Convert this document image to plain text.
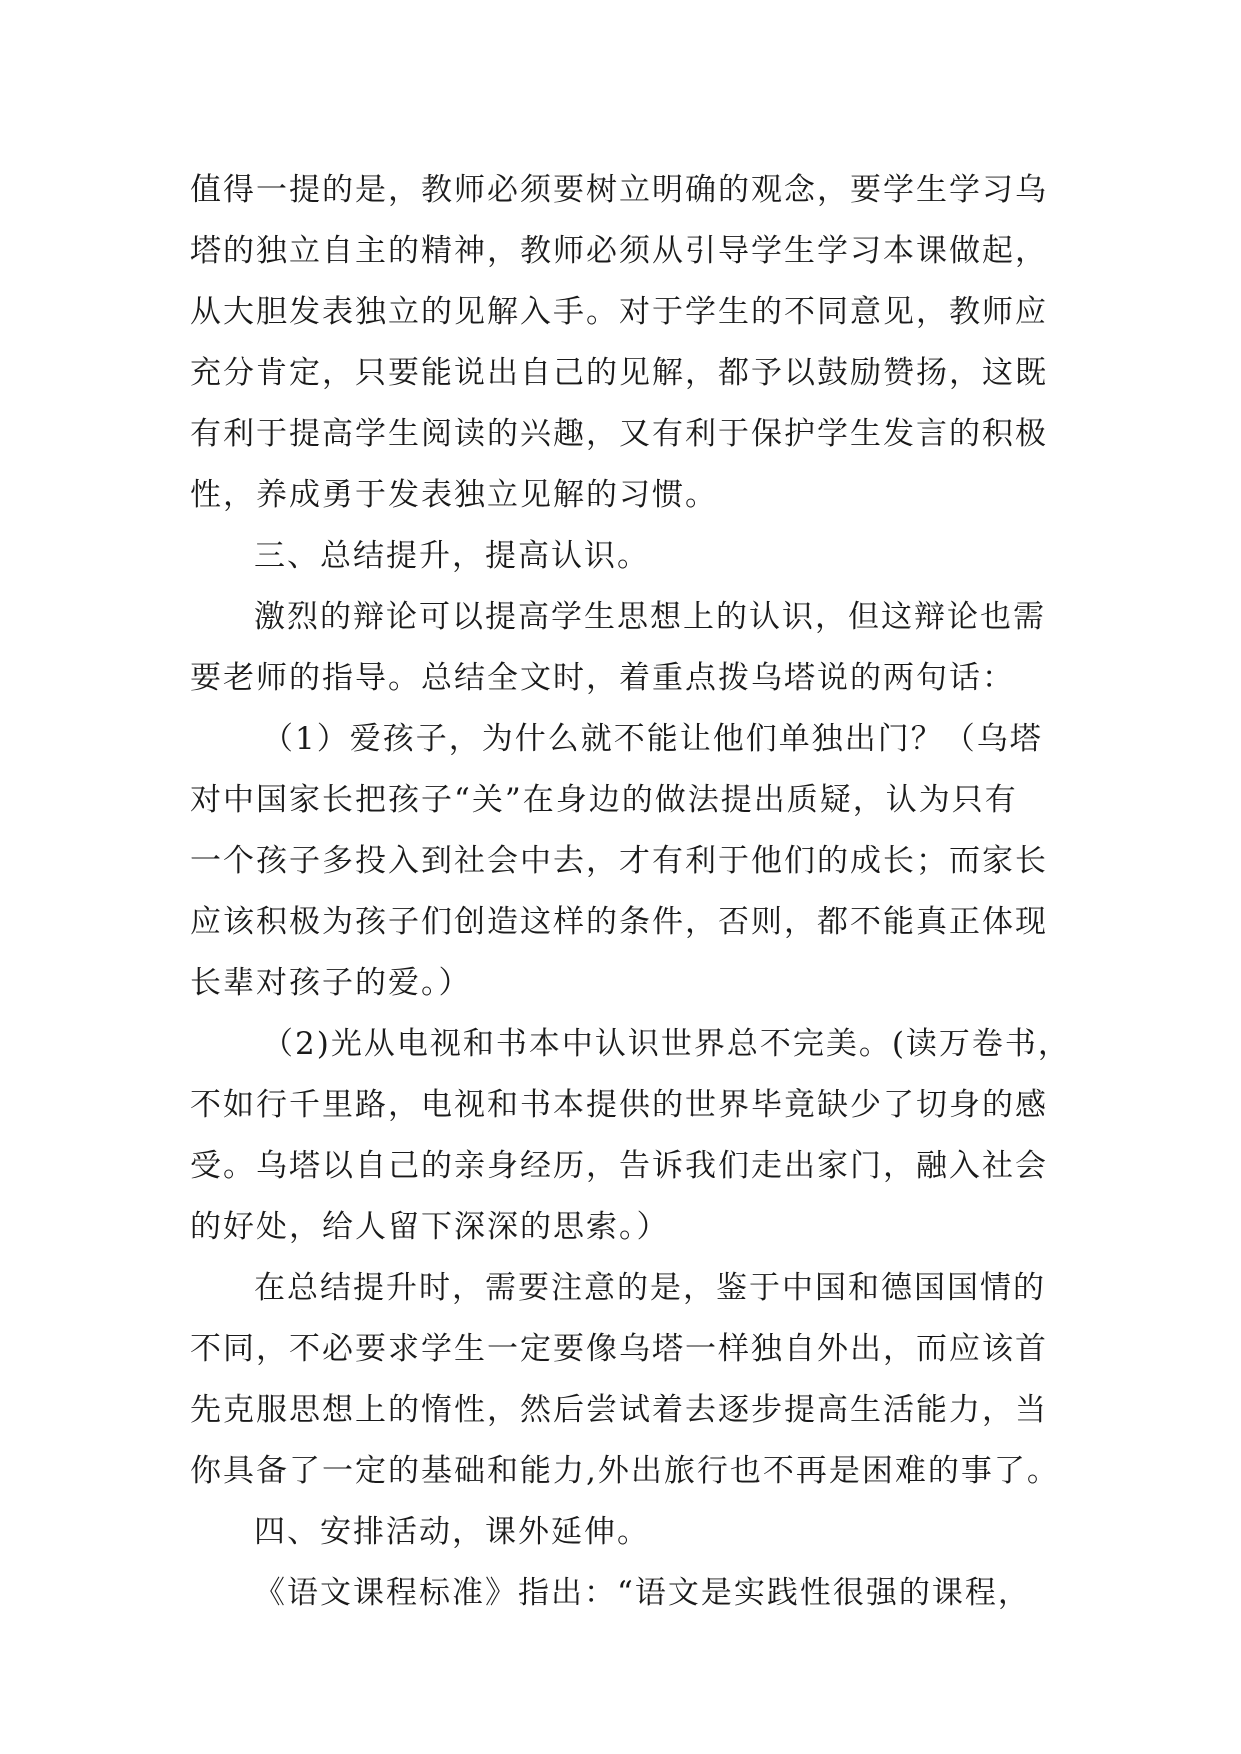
值得一提的是，教师必须要树立明确的观念，要学生学习乌
塔的独立自主的精神，教师必须从引导学生学习本课做起，
从大胆发表独立的见解入手。对于学生的不同意见，教师应
充分肯定，只要能说出自己的见解，都予以鼓励赞扬，这既
有利于提高学生阅读的兴趣，又有利于保护学生发言的积极
性，养成勇于发表独立见解的习惯。
三、总结提升，提高认识。
激烈的辩论可以提高学生思想上的认识，但这辩论也需
要老师的指导。总结全文时，着重点拨乌塔说的两句话：
（1）爱孩子，为什么就不能让他们单独出门？（乌塔
对中国家长把孩子“关”在身边的做法提出质疑，认为只有
一个孩子多投入到社会中去，才有利于他们的成长；而家长
应该积极为孩子们创造这样的条件，否则，都不能真正体现
长辈对孩子的爱。）
（2)光从电视和书本中认识世界总不完美。(读万卷书，
不如行千里路，电视和书本提供的世界毕竟缺少了切身的感
受。乌塔以自己的亲身经历，告诉我们走出家门，融入社会
的好处，给人留下深深的思索。）
在总结提升时，需要注意的是，鉴于中国和德国国情的
不同，不必要求学生一定要像乌塔一样独自外出，而应该首
先克服思想上的惰性，然后尝试着去逐步提高生活能力，当
你具备了一定的基础和能力,外出旅行也不再是困难的事了。
四、安排活动，课外延伸。
《语文课程标准》指出：“语文是实践性很强的课程，
